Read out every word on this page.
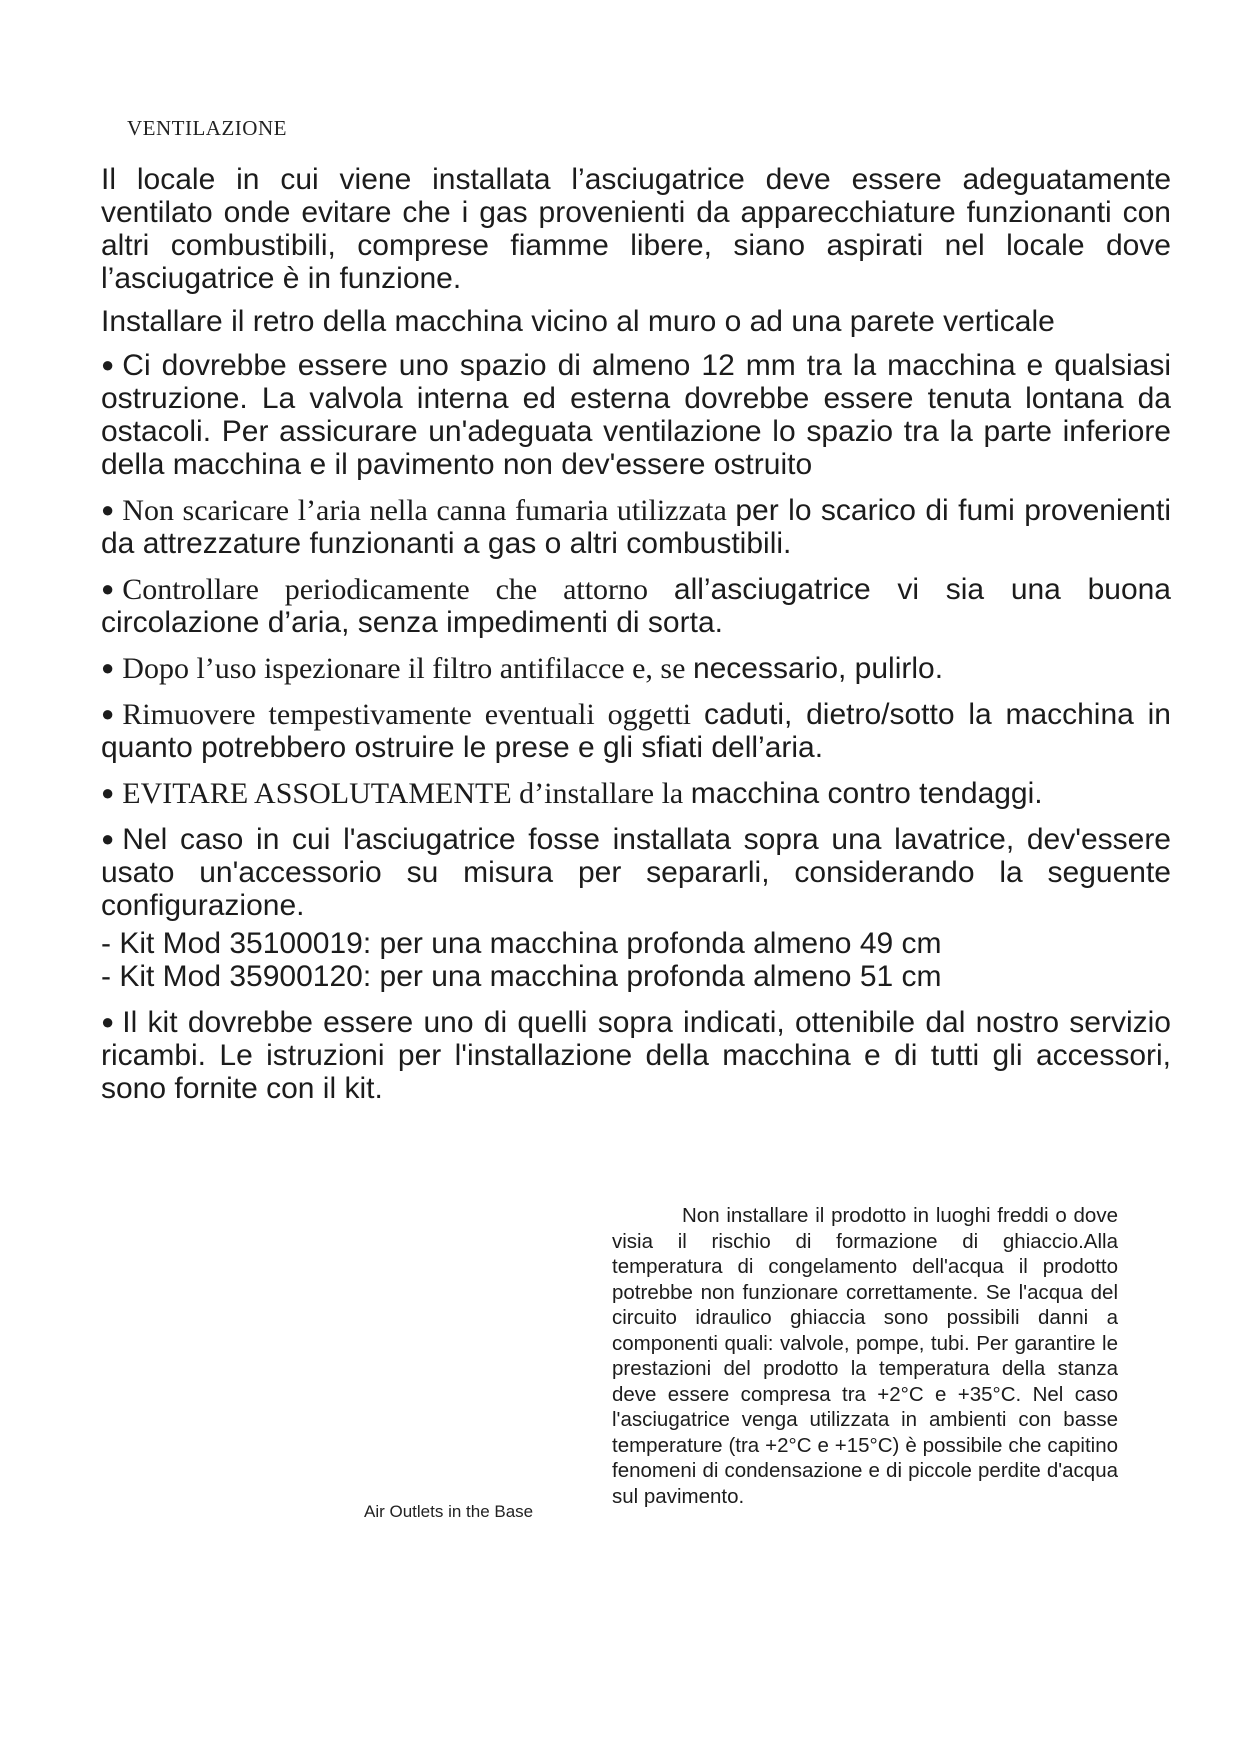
VENTILAZIONE

Il locale in cui viene installata l’asciugatrice deve essere adeguatamente ventilato onde evitare che i gas provenienti da apparecchiature funzionanti con altri combustibili, comprese fiamme libere, siano aspirati nel locale dove l’asciugatrice è in funzione.

Installare il retro della macchina vicino al muro o ad una parete verticale

● Ci dovrebbe essere uno spazio di almeno 12 mm tra la macchina e qualsiasi ostruzione. La valvola interna ed esterna dovrebbe essere tenuta lontana da ostacoli. Per assicurare un'adeguata ventilazione lo spazio tra la parte inferiore della macchina e il pavimento non dev'essere ostruito

● Non scaricare l’aria nella canna fumaria utilizzata per lo scarico di fumi provenienti da attrezzature funzionanti a gas o altri combustibili.

● Controllare periodicamente che attorno all’asciugatrice vi sia una buona circolazione d’aria, senza impedimenti di sorta.

● Dopo l’uso ispezionare il filtro antifilacce e, se necessario, pulirlo.

● Rimuovere tempestivamente eventuali oggetti caduti, dietro/sotto la macchina in quanto potrebbero ostruire le prese e gli sfiati dell’aria.

● EVITARE ASSOLUTAMENTE d’installare la macchina contro tendaggi.

● Nel caso in cui l'asciugatrice fosse installata sopra una lavatrice, dev'essere usato un'accessorio su misura per separarli, considerando la seguente configurazione.

- Kit Mod 35100019: per una macchina profonda almeno 49 cm

- Kit Mod 35900120: per una macchina profonda almeno 51 cm

● Il kit dovrebbe essere uno di quelli sopra indicati, ottenibile dal nostro servizio ricambi. Le istruzioni per l'installazione della macchina e di tutti gli accessori, sono fornite con il kit.

Non installare il prodotto in luoghi freddi o dove visia il rischio di formazione di ghiaccio.Alla temperatura di congelamento dell'acqua il prodotto potrebbe non funzionare correttamente. Se l'acqua del circuito idraulico ghiaccia sono possibili danni a componenti quali: valvole, pompe, tubi. Per garantire le prestazioni del prodotto la temperatura della stanza deve essere compresa tra +2°C e +35°C. Nel caso l'asciugatrice venga utilizzata in ambienti con basse temperature (tra +2°C e +15°C) è possibile che capitino fenomeni di condensazione e di piccole perdite d'acqua sul pavimento.
Air Outlets in the Base
